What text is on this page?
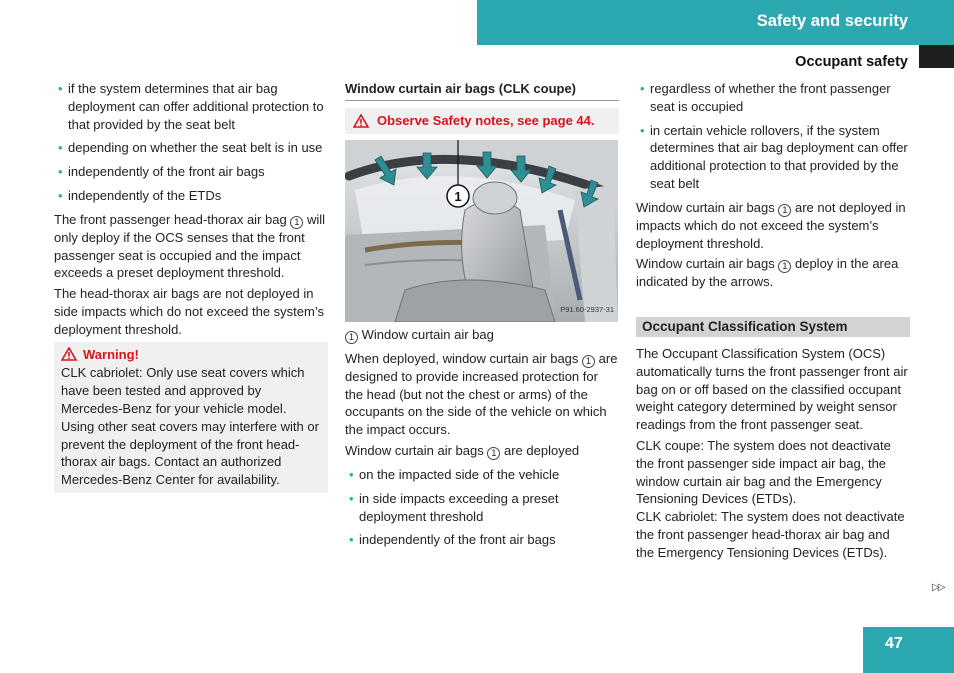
Safety and security
Occupant safety
• if the system determines that air bag deployment can offer additional protection to that provided by the seat belt
• depending on whether the seat belt is in use
• independently of the front air bags
• independently of the ETDs

The front passenger head-thorax air bag 1 will only deploy if the OCS senses that the front passenger seat is occupied and the impact exceeds a preset deployment threshold.

The head-thorax air bags are not deployed in side impacts which do not exceed the system’s deployment threshold.

Warning!
CLK cabriolet: Only use seat covers which have been tested and approved by Mercedes-Benz for your vehicle model. Using other seat covers may interfere with or prevent the deployment of the front head-thorax air bags. Contact an authorized Mercedes-Benz Center for availability.
Window curtain air bags (CLK coupe)
Observe Safety notes, see page 44.
1
P91.60-2937-31

1 Window curtain air bag

When deployed, window curtain air bags 1 are designed to provide increased protection for the head (but not the chest or arms) of the occupants on the side of the vehicle on which the impact occurs.

Window curtain air bags 1 are deployed

• on the impacted side of the vehicle
• in side impacts exceeding a preset deployment threshold
• independently of the front air bags
• regardless of whether the front passenger seat is occupied
• in certain vehicle rollovers, if the system determines that air bag deployment can offer additional protection to that provided by the seat belt

Window curtain air bags 1 are not deployed in impacts which do not exceed the system’s deployment threshold.

Window curtain air bags 1 deploy in the area indicated by the arrows.

Occupant Classification System

The Occupant Classification System (OCS) automatically turns the front passenger front air bag on or off based on the classified occupant weight category determined by weight sensor readings from the front passenger seat.

CLK coupe: The system does not deactivate the front passenger side impact air bag, the window curtain air bag and the Emergency Tensioning Devices (ETDs).

CLK cabriolet: The system does not deactivate the front passenger head-thorax air bag and the Emergency Tensioning Devices (ETDs).

▷▷
47
